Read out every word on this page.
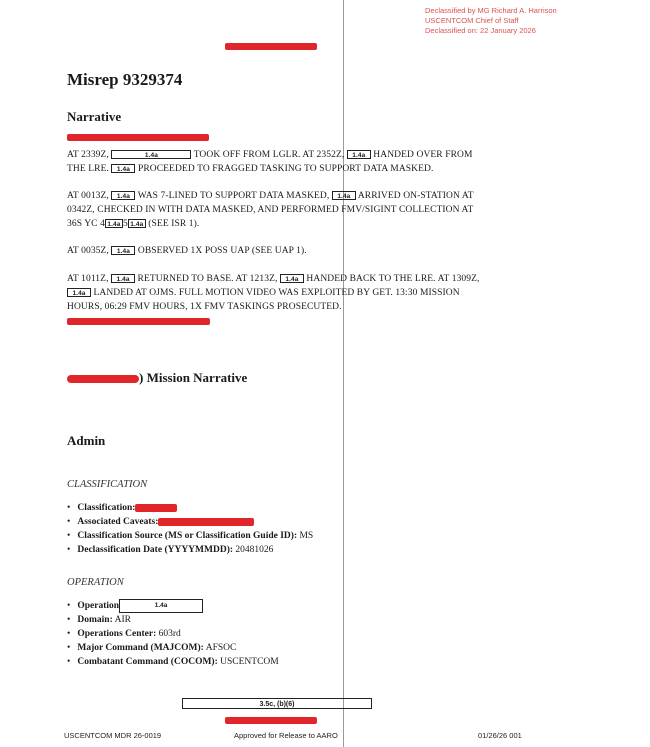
Declassified by MG Richard A. Harrison
USCENTCOM Chief of Staff
Declassified on: 22 January 2026
Misrep 9329374
Narrative
AT 2339Z,	1.4a	TOOK OFF FROM LGLR. AT 2352Z, 1.4a HANDED OVER FROM
THE LRE. 1.4a PROCEEDED TO FRAGGED TASKING TO SUPPORT DATA MASKED.
AT 0013Z, 1.4a WAS 7-LINED TO SUPPORT DATA MASKED, 1.4a ARRIVED ON-STATION AT
0342Z, CHECKED IN WITH DATA MASKED, AND PERFORMED FMV/SIGINT COLLECTION AT
36S YC 4 1.4a 5 1.4a (SEE ISR 1).
AT 0035Z, 1.4a OBSERVED 1X POSS UAP (SEE UAP 1).
AT 1011Z, 1.4a RETURNED TO BASE. AT 1213Z, 1.4a HANDED BACK TO THE LRE. AT 1309Z,
1.4a LANDED AT OJMS. FULL MOTION VIDEO WAS EXPLOITED BY GET. 13:30 MISSION
HOURS, 06:29 FMV HOURS, 1X FMV TASKINGS PROSECUTED.
) Mission Narrative
Admin
CLASSIFICATION
• Classification:
• Associated Caveats:
• Classification Source (MS or Classification Guide ID): MS
• Declassification Date (YYYYMMDD): 20481026
OPERATION
• Operation	1.4a
• Domain: AIR
• Operations Center: 603rd
• Major Command (MAJCOM): AFSOC
• Combatant Command (COCOM): USCENTCOM
3.5c, (b)(6)
USCENTCOM MDR 26-0019	Approved for Release to AARO	01/26/26 001
